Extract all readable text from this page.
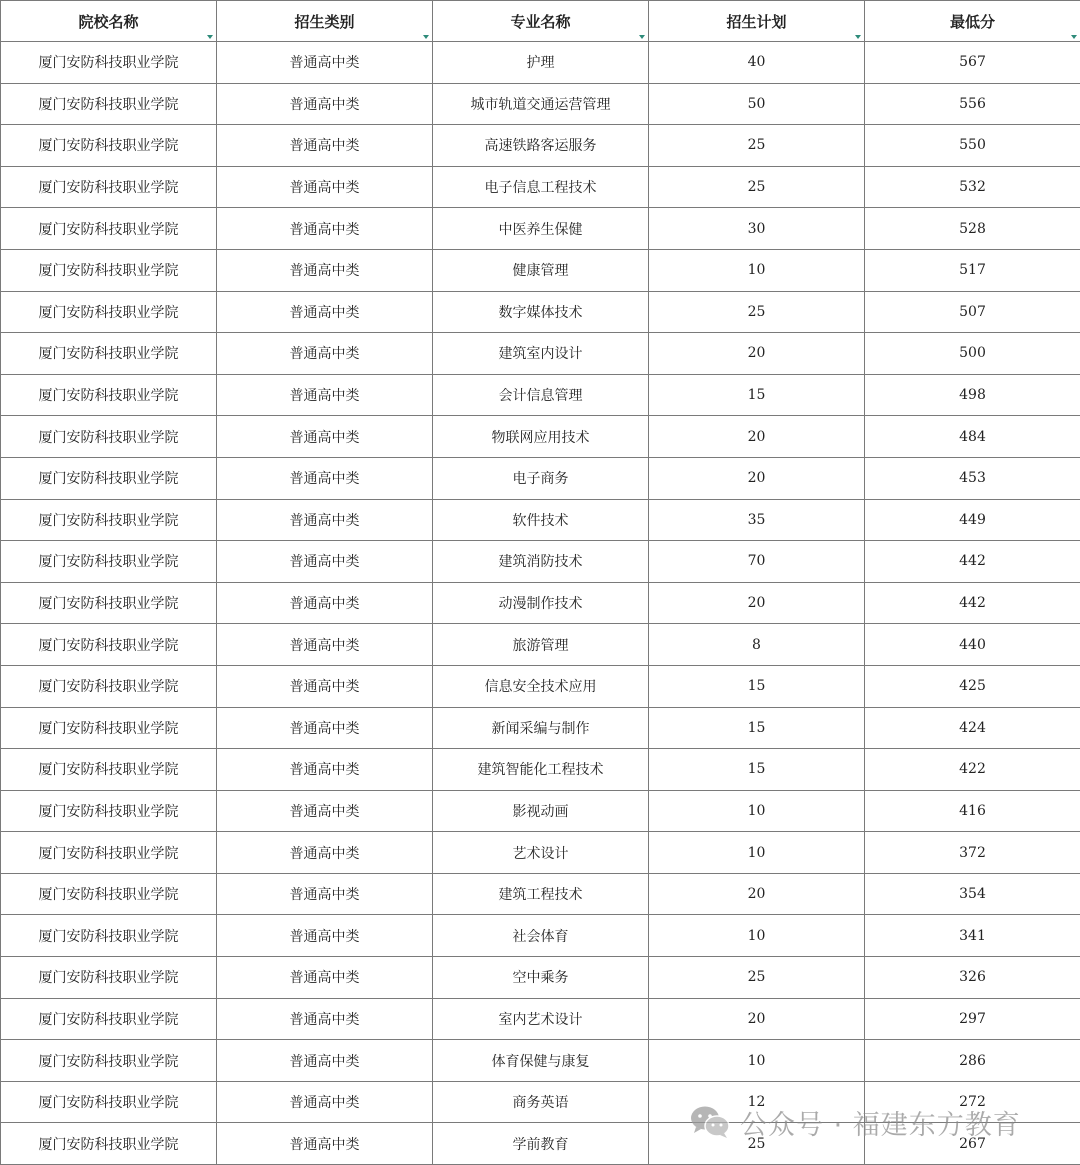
院校名称	招生类别	专业名称	招生计划	最低分

厦门安防科技职业学院	普通高中类	护理	40	567
厦门安防科技职业学院	普通高中类	城市轨道交通运营管理	50	556
厦门安防科技职业学院	普通高中类	高速铁路客运服务	25	550
厦门安防科技职业学院	普通高中类	电子信息工程技术	25	532
厦门安防科技职业学院	普通高中类	中医养生保健	30	528
厦门安防科技职业学院	普通高中类	健康管理	10	517
厦门安防科技职业学院	普通高中类	数字媒体技术	25	507
厦门安防科技职业学院	普通高中类	建筑室内设计	20	500
厦门安防科技职业学院	普通高中类	会计信息管理	15	498
厦门安防科技职业学院	普通高中类	物联网应用技术	20	484
厦门安防科技职业学院	普通高中类	电子商务	20	453
厦门安防科技职业学院	普通高中类	软件技术	35	449
厦门安防科技职业学院	普通高中类	建筑消防技术	70	442
厦门安防科技职业学院	普通高中类	动漫制作技术	20	442
厦门安防科技职业学院	普通高中类	旅游管理	8	440
厦门安防科技职业学院	普通高中类	信息安全技术应用	15	425
厦门安防科技职业学院	普通高中类	新闻采编与制作	15	424
厦门安防科技职业学院	普通高中类	建筑智能化工程技术	15	422
厦门安防科技职业学院	普通高中类	影视动画	10	416
厦门安防科技职业学院	普通高中类	艺术设计	10	372
厦门安防科技职业学院	普通高中类	建筑工程技术	20	354
厦门安防科技职业学院	普通高中类	社会体育	10	341
厦门安防科技职业学院	普通高中类	空中乘务	25	326
厦门安防科技职业学院	普通高中类	室内艺术设计	20	297
厦门安防科技职业学院	普通高中类	体育保健与康复	10	286
厦门安防科技职业学院	普通高中类	商务英语	12	272
厦门安防科技职业学院	普通高中类	学前教育	25	267
公众号 · 福建东方教育
